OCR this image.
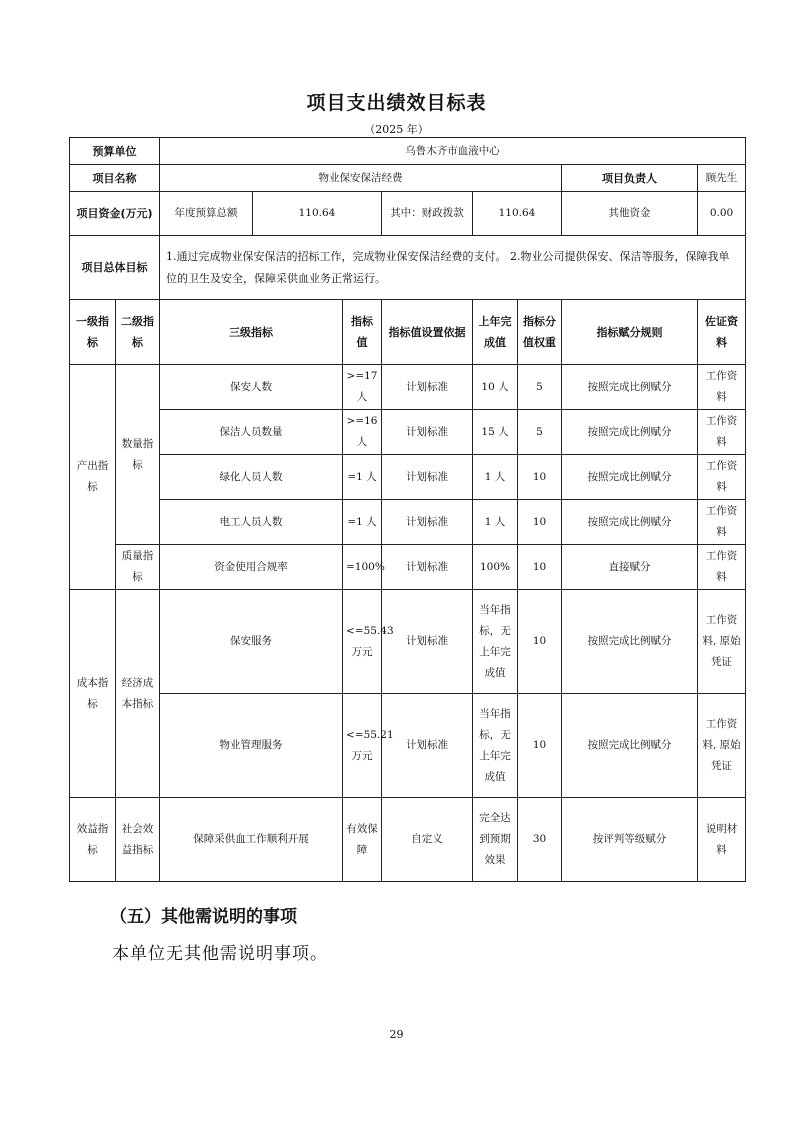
项目支出绩效目标表
（2025 年）
预算单位		乌鲁木齐市血液中心							
项目名称		物业保安保洁经费						项目负责人	顾先生
项目资金(万元)		年度预算总额	110.64		其中：财政拨款	110.64		其他资金	0.00
项目总体目标		1.通过完成物业保安保洁的招标工作，完成物业保安保洁经费的支付。 2.物业公司提供保安、保洁等服务，保障我单位的卫生及安全，保障采供血业务正常运行。							
一级指标	二级指标	三级指标		指标值	指标值设置依据	上年完成值	指标分值权重	指标赋分规则	佐证资料
产出指标	数量指标	保安人数		>=17人	计划标准	10 人	5	按照完成比例赋分	工作资料
		保洁人员数量		>=16人	计划标准	15 人	5	按照完成比例赋分	工作资料
		绿化人员人数		=1 人	计划标准	1 人	10	按照完成比例赋分	工作资料
		电工人员人数		=1 人	计划标准	1 人	10	按照完成比例赋分	工作资料
	质量指标	资金使用合规率		=100%	计划标准	100%	10	直接赋分	工作资料
成本指标	经济成本指标	保安服务		<=55.43 万元	计划标准	当年指标，无上年完成值	10	按照完成比例赋分	工作资料, 原始凭证
		物业管理服务		<=55.21 万元	计划标准	当年指标，无上年完成值	10	按照完成比例赋分	工作资料, 原始凭证
效益指标	社会效益指标	保障采供血工作顺利开展		有效保障	自定义	完全达到预期效果	30	按评判等级赋分	说明材料
（五）其他需说明的事项
本单位无其他需说明事项。
29
